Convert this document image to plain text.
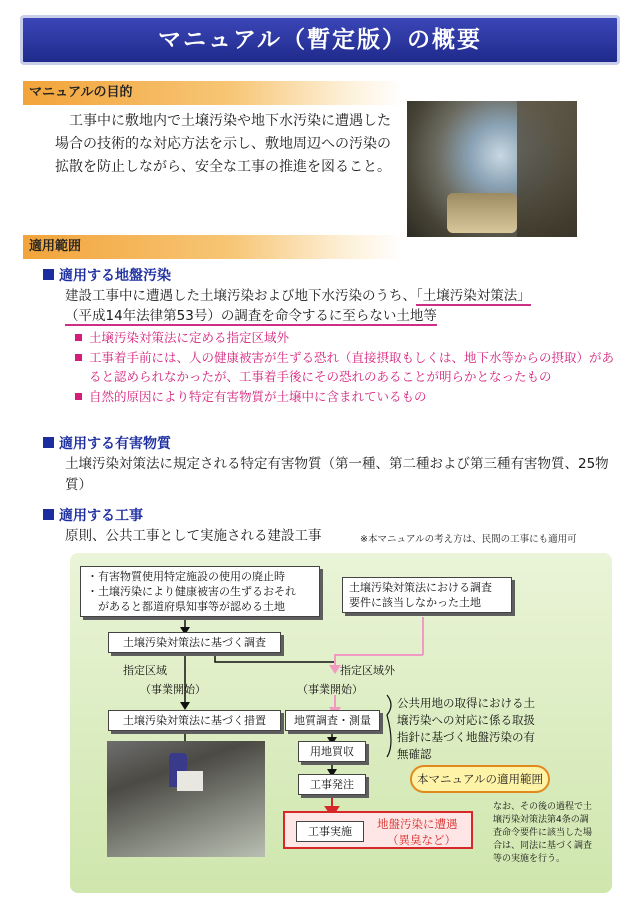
マニュアル（暫定版）の概要
マニュアルの目的
工事中に敷地内で土壌汚染や地下水汚染に遭遇した場合の技術的な対応方法を示し、敷地周辺への汚染の拡散を防止しながら、安全な工事の推進を図ること。
適用範囲
適用する地盤汚染
建設工事中に遭遇した土壌汚染および地下水汚染のうち、「土壌汚染対策法」
（平成14年法律第53号）の調査を命令するに至らない土地等
土壌汚染対策法に定める指定区域外
工事着手前には、人の健康被害が生ずる恐れ（直接摂取もしくは、地下水等からの摂取）があると認められなかったが、工事着手後にその恐れのあることが明らかとなったもの
自然的原因により特定有害物質が土壌中に含まれているもの
適用する有害物質
土壌汚染対策法に規定される特定有害物質（第一種、第二種および第三種有害物質、25物質）
適用する工事
原則、公共工事として実施される建設工事	※本マニュアルの考え方は、民間の工事にも適用可
・有害物質使用特定施設の使用の廃止時
・土壌汚染により健康被害の生ずるおそれ
　があると都道府県知事等が認める土地
土壌汚染対策法における調査
要件に該当しなかった土地
土壌汚染対策法に基づく調査
指定区域	指定区域外
（事業開始）	（事業開始）
土壌汚染対策法に基づく措置	地質調査・測量
用地買収
工事発注
公共用地の取得における土
壌汚染への対応に係る取扱
指針に基づく地盤汚染の有
無確認
本マニュアルの適用範囲
工事実施
地盤汚染に遭遇
（異臭など）
なお、その後の過程で土
壌汚染対策法第4条の調
査命令要件に該当した場
合は、同法に基づく調査
等の実施を行う。
